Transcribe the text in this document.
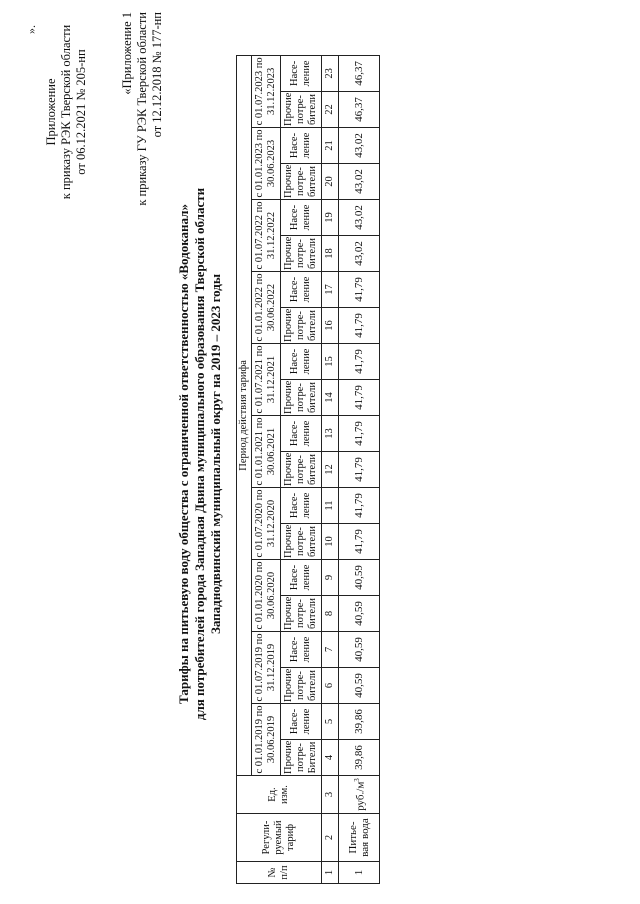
Приложение к приказу РЭК Тверской области от 06.12.2021 № 205-нп	«Приложение 1 к приказу ГУ РЭК Тверской области от 12.12.2018 № 177-нп
Тарифы на питьевую воду общества с ограниченной ответственностью «Водоканал» для потребителей города Западная Двина муниципального образования Тверской области Западнодвинский муниципальный округ на 2019 – 2023 годы
№ п/п	Регули-руемый тариф	Ед. изм.	Период действия тарифа																			
			с 01.01.2019 по 30.06.2019		с 01.07.2019 по 31.12.2019		с 01.01.2020 по 30.06.2020		с 01.07.2020 по 31.12.2020		с 01.01.2021 по 30.06.2021		с 01.07.2021 по 31.12.2021		с 01.01.2022 по 30.06.2022		с 01.07.2022 по 31.12.2022		с 01.01.2023 по 30.06.2023		с 01.07.2023 по 31.12.2023	
			Прочие потре-Бители	Насе-ление	Прочие потре-бители	Насе-ление	Прочие потре-бители	Насе-ление	Прочие потре-бители	Насе-ление	Прочие потре-бители	Насе-ление	Прочие потре-бители	Насе-ление	Прочие потре-бители	Насе-ление	Прочие потре-бители	Насе-ление	Прочие потре-бители	Насе-ление	Прочие потре-бители	Насе-ление
1	2	3	4	5	6	7	8	9	10	11	12	13	14	15	16	17	18	19	20	21	22	23
1	Питье-вая вода	$руб./м^3$	39,86	39,86	40,59	40,59	40,59	40,59	41,79	41,79	41,79	41,79	41,79	41,79	41,79	41,79	43,02	43,02	43,02	43,02	46,37	46,37
».
